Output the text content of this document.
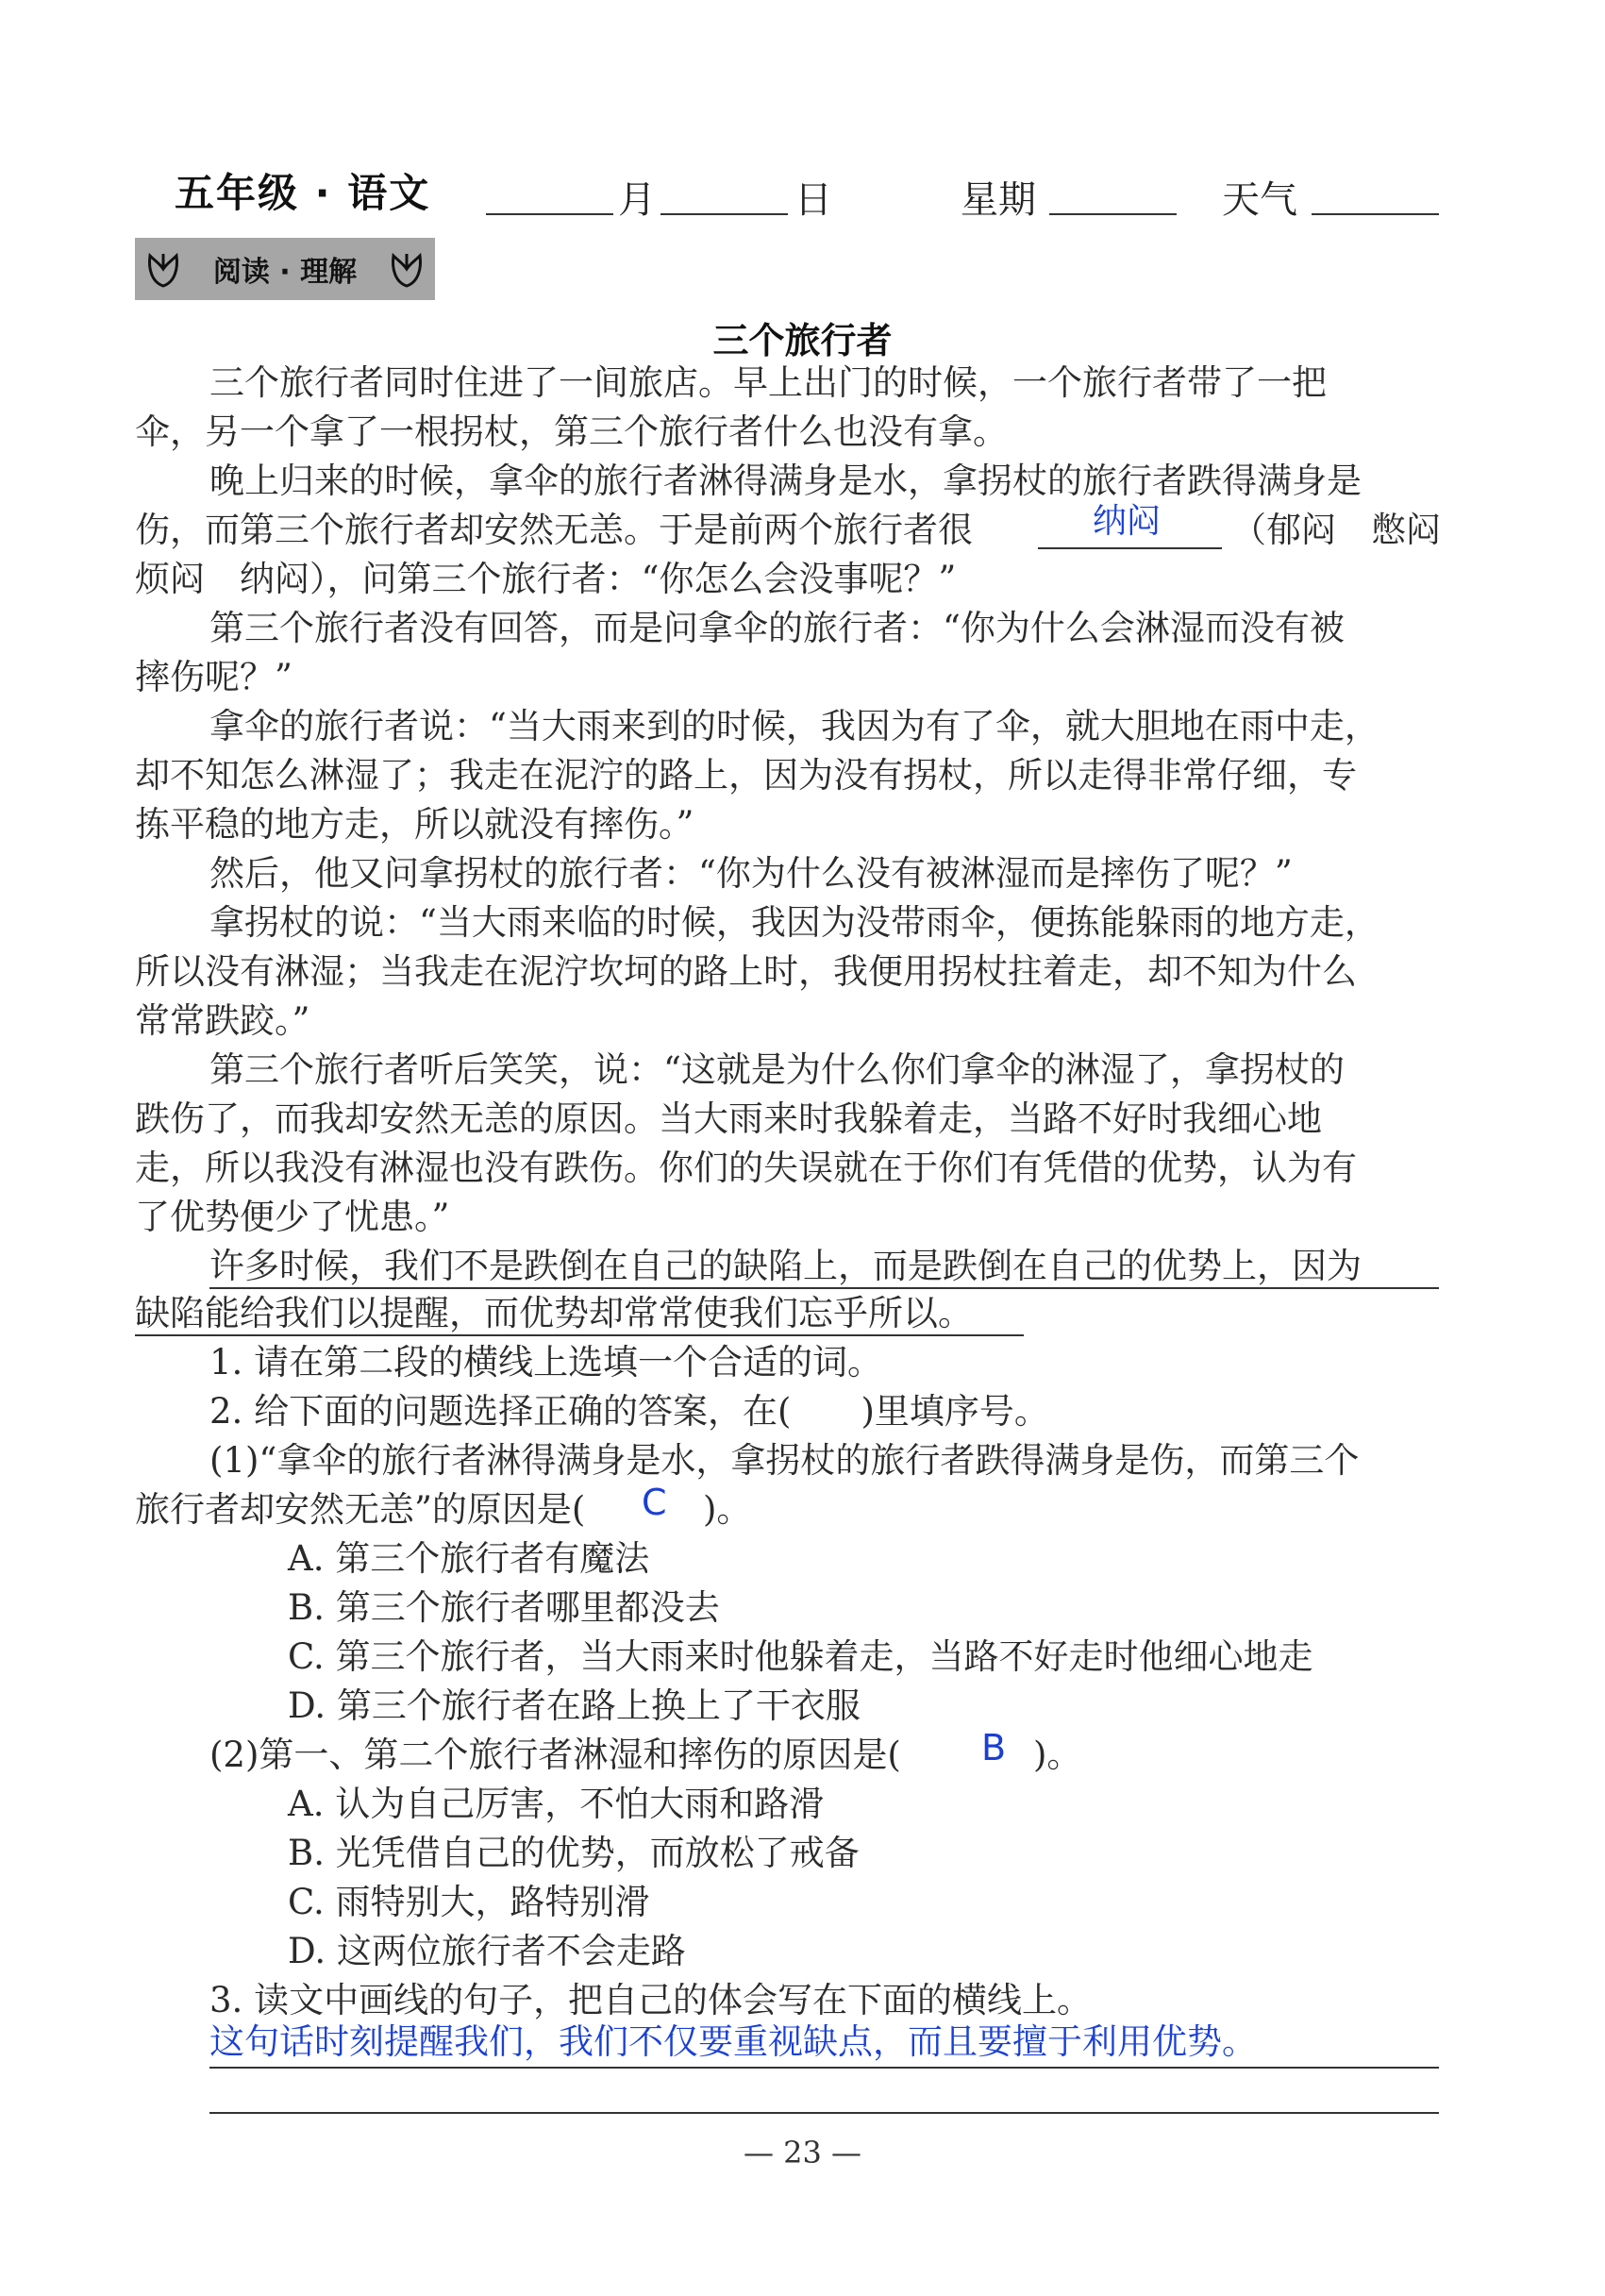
五年级 · 语文	月	日	星期	天气
阅读 · 理解
三个旅行者
三个旅行者同时住进了一间旅店。早上出门的时候，一个旅行者带了一把
伞，另一个拿了一根拐杖，第三个旅行者什么也没有拿。
晚上归来的时候，拿伞的旅行者淋得满身是水，拿拐杖的旅行者跌得满身是
伤，而第三个旅行者却安然无恙。于是前两个旅行者很	纳闷 （郁闷　憋闷
烦闷　纳闷），问第三个旅行者：“你怎么会没事呢？”
第三个旅行者没有回答，而是问拿伞的旅行者：“你为什么会淋湿而没有被
摔伤呢？”
拿伞的旅行者说：“当大雨来到的时候，我因为有了伞，就大胆地在雨中走，
却不知怎么淋湿了；我走在泥泞的路上，因为没有拐杖，所以走得非常仔细，专
拣平稳的地方走，所以就没有摔伤。”
然后，他又问拿拐杖的旅行者：“你为什么没有被淋湿而是摔伤了呢？”
拿拐杖的说：“当大雨来临的时候，我因为没带雨伞，便拣能躲雨的地方走，
所以没有淋湿；当我走在泥泞坎坷的路上时，我便用拐杖拄着走，却不知为什么
常常跌跤。”
第三个旅行者听后笑笑，说：“这就是为什么你们拿伞的淋湿了，拿拐杖的
跌伤了，而我却安然无恙的原因。当大雨来时我躲着走，当路不好时我细心地
走，所以我没有淋湿也没有跌伤。你们的失误就在于你们有凭借的优势，认为有
了优势便少了忧患。”
许多时候，我们不是跌倒在自己的缺陷上，而是跌倒在自己的优势上，因为
缺陷能给我们以提醒，而优势却常常使我们忘乎所以。
1. 请在第二段的横线上选填一个合适的词。
2. 给下面的问题选择正确的答案，在(　　)里填序号。
(1)“拿伞的旅行者淋得满身是水，拿拐杖的旅行者跌得满身是伤，而第三个
旅行者却安然无恙”的原因是(	C )。
A. 第三个旅行者有魔法
B. 第三个旅行者哪里都没去
C. 第三个旅行者，当大雨来时他躲着走，当路不好走时他细心地走
D. 第三个旅行者在路上换上了干衣服
(2)第一、第二个旅行者淋湿和摔伤的原因是(	B )。
A. 认为自己厉害，不怕大雨和路滑
B. 光凭借自己的优势，而放松了戒备
C. 雨特别大，路特别滑
D. 这两位旅行者不会走路
3. 读文中画线的句子，把自己的体会写在下面的横线上。
这句话时刻提醒我们，我们不仅要重视缺点，而且要擅于利用优势。
— 23 —
